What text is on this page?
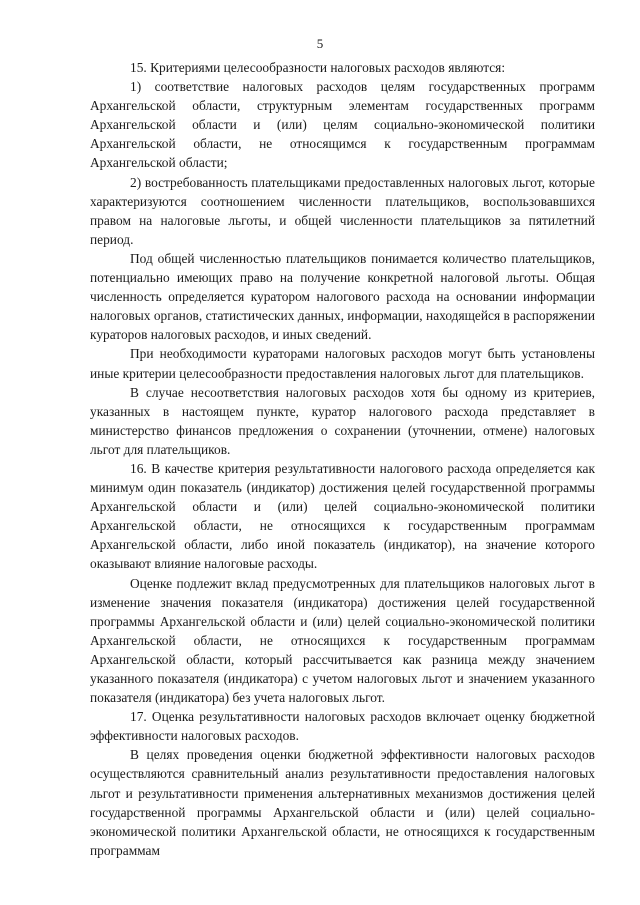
5

15. Критериями целесообразности налоговых расходов являются:

1) соответствие налоговых расходов целям государственных программ Архангельской области, структурным элементам государственных программ Архангельской области и (или) целям социально-экономической политики Архангельской области, не относящимся к государственным программам Архангельской области;

2) востребованность плательщиками предоставленных налоговых льгот, которые характеризуются соотношением численности плательщиков, воспользовавшихся правом на налоговые льготы, и общей численности плательщиков за пятилетний период.

Под общей численностью плательщиков понимается количество плательщиков, потенциально имеющих право на получение конкретной налоговой льготы. Общая численность определяется куратором налогового расхода на основании информации налоговых органов, статистических данных, информации, находящейся в распоряжении кураторов налоговых расходов, и иных сведений.

При необходимости кураторами налоговых расходов могут быть установлены иные критерии целесообразности предоставления налоговых льгот для плательщиков.

В случае несоответствия налоговых расходов хотя бы одному из критериев, указанных в настоящем пункте, куратор налогового расхода представляет в министерство финансов предложения о сохранении (уточнении, отмене) налоговых льгот для плательщиков.

16. В качестве критерия результативности налогового расхода определяется как минимум один показатель (индикатор) достижения целей государственной программы Архангельской области и (или) целей социально-экономической политики Архангельской области, не относящихся к государственным программам Архангельской области, либо иной показатель (индикатор), на значение которого оказывают влияние налоговые расходы.

Оценке подлежит вклад предусмотренных для плательщиков налоговых льгот в изменение значения показателя (индикатора) достижения целей государственной программы Архангельской области и (или) целей социально-экономической политики Архангельской области, не относящихся к государственным программам Архангельской области, который рассчитывается как разница между значением указанного показателя (индикатора) с учетом налоговых льгот и значением указанного показателя (индикатора) без учета налоговых льгот.

17. Оценка результативности налоговых расходов включает оценку бюджетной эффективности налоговых расходов.

В целях проведения оценки бюджетной эффективности налоговых расходов осуществляются сравнительный анализ результативности предоставления налоговых льгот и результативности применения альтернативных механизмов достижения целей государственной программы Архангельской области и (или) целей социально-экономической политики Архангельской области, не относящихся к государственным программам
